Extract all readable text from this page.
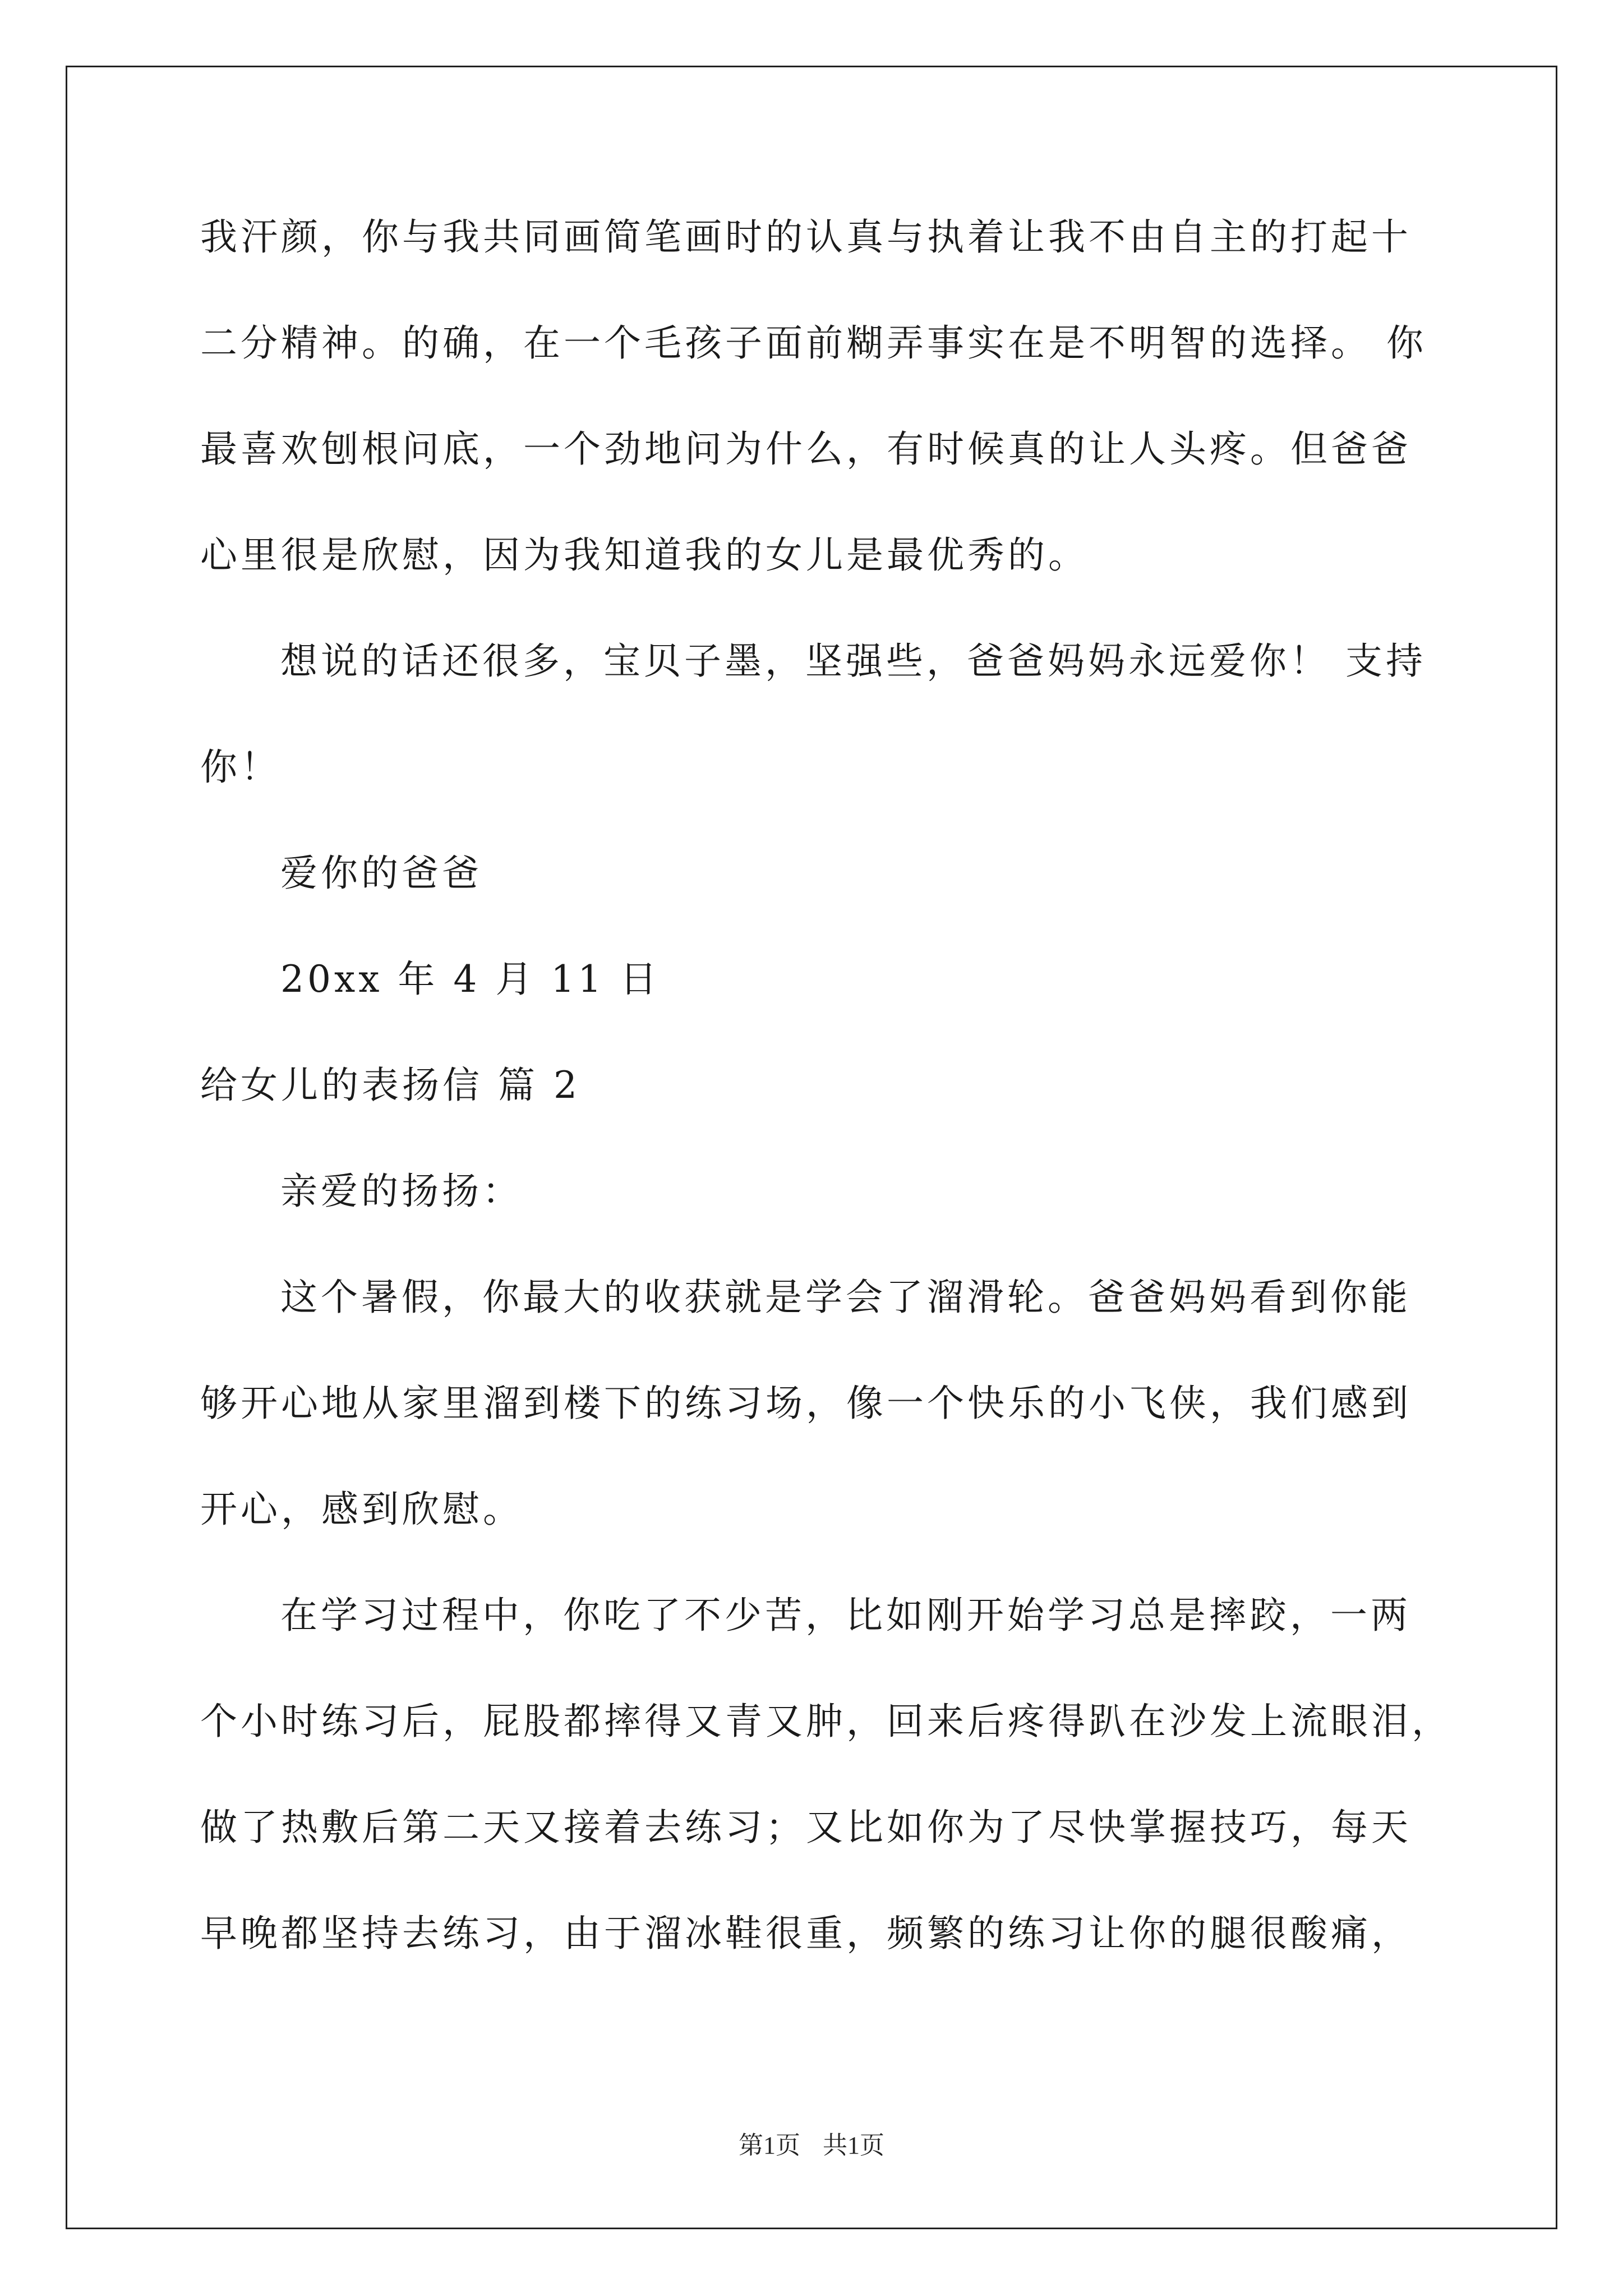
我汗颜，你与我共同画简笔画时的认真与执着让我不由自主的打起十
二分精神。的确，在一个毛孩子面前糊弄事实在是不明智的选择。 你
最喜欢刨根问底，一个劲地问为什么，有时候真的让人头疼。但爸爸
心里很是欣慰，因为我知道我的女儿是最优秀的。
想说的话还很多，宝贝子墨，坚强些，爸爸妈妈永远爱你！ 支持
你！
爱你的爸爸
20xx 年 4 月 11 日
给女儿的表扬信 篇 2
亲爱的扬扬：
这个暑假，你最大的收获就是学会了溜滑轮。爸爸妈妈看到你能
够开心地从家里溜到楼下的练习场，像一个快乐的小飞侠，我们感到
开心，感到欣慰。
在学习过程中，你吃了不少苦，比如刚开始学习总是摔跤，一两
个小时练习后，屁股都摔得又青又肿，回来后疼得趴在沙发上流眼泪，
做了热敷后第二天又接着去练习；又比如你为了尽快掌握技巧，每天
早晚都坚持去练习，由于溜冰鞋很重，频繁的练习让你的腿很酸痛，
第1页 共1页
